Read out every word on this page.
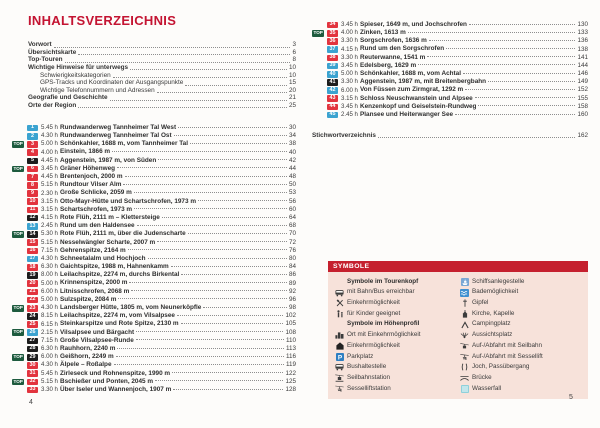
INHALTSVERZEICHNIS
Vorwort	3
Übersichtskarte	6
Top-Touren	8
Wichtige Hinweise für unterwegs	10
Schwierigkeitskategorien	10
GPS-Tracks und Koordinaten der Ausgangspunkte	15
Wichtige Telefonnummern und Adressen	20
Geografie und Geschichte	21
Orte der Region	25
1	5.45 h Rundwanderweg Tannheimer Tal West	30
2	4.30 h Rundwanderweg Tannheimer Tal Ost	34
TOP	3	5.00 h Schönkahler, 1688 m, vom Tannheimer Tal	38
4	4.00 h Einstein, 1866 m	40
5	4.45 h Aggenstein, 1987 m, von Süden	42
TOP	6	3.45 h Gräner Höhenweg	44
7	4.45 h Brentenjoch, 2000 m	48
8	5.15 h Rundtour Vilser Alm	50
9	2.30 h Große Schlicke, 2059 m	53
10 3.15 h Otto-Mayr-Hütte und Schartschrofen, 1973 m	56
11 3.15 h Schartschrofen, 1973 m	60
12 4.15 h Rote Flüh, 2111 m – Klettersteige	64
13 2.45 h Rund um den Haldensee	68
TOP	14 5.30 h Rote Flüh, 2111 m, über die Judenscharte	70
15 5.15 h Nesselwängler Scharte, 2007 m	72
16 7.15 h Gehrenspitze, 2164 m	76
17 4.30 h Schneetalalm und Hochjoch	80
18 6.30 h Gaichtspitze, 1988 m, Hahnenkamm	84
19 8.00 h Leilachspitze, 2274 m, durchs Birkental	86
20 5.00 h Krinnenspitze, 2000 m	89
21 6.00 h Litnisschrofen, 2068 m	92
22 5.00 h Sulzspitze, 2084 m	96
TOP	23 4.30 h Landsberger Hütte, 1805 m, vom Neunerköpfle	98
24 8.15 h Leilachspitze, 2274 m, vom Vilsalpsee	102
25 6.15 h Steinkarspitze und Rote Spitze, 2130 m	105
TOP	26 2.15 h Vilsalpsee und Bärgacht	108
27 7.15 h Große Vilsalpsee-Runde	110
28 6.30 h Rauhhorn, 2240 m	113
TOP	29 6.00 h Geißhorn, 2249 m	116
30 4.30 h Älpele – Roßalpe	119
31 5.45 h Zirleseck und Rohnenspitze, 1990 m	122
TOP	32 5.15 h Bschießer und Ponten, 2045 m	125
33 3.30 h Über Iseler und Wannenjoch, 1907 m	128
34 3.45 h Spieser, 1649 m, und Jochschrofen	130
TOP	35 4.00 h Zinken, 1613 m	133
36 3.30 h Sorgschrofen, 1636 m	136
37 4.15 h Rund um den Sorgschrofen	138
38 3.30 h Reuterwanne, 1541 m	141
39 3.45 h Edelsberg, 1629 m	144
40 5.00 h Schönkahler, 1688 m, vom Achtal	146
41 3.30 h Aggenstein, 1987 m, mit Breitenbergbahn	149
42 6.00 h Von Füssen zum Zirmgrat, 1292 m	152
43 3.15 h Schloss Neuschwanstein und Alpsee	155
44 3.45 h Kenzenkopf und Geiselstein-Rundweg	158
45 2.45 h Plansee und Heiterwanger See	160
Stichwortverzeichnis	162
SYMBOLE
Symbole im Tourenkopf
mit Bahn/Bus erreichbar
Einkehrmöglichkeit
für Kinder geeignet
Symbole im Höhenprofil
Ort mit Einkehrmöglichkeit
Einkehrmöglichkeit
P Parkplatz
Bushaltestelle
Seilbahnstation
Sesselliftstation
Schiffsanlegestelle
Bademöglichkeit
Gipfel
Kirche, Kapelle
Campingplatz
Aussichtsplatz
Auf-/Abfahrt mit Seilbahn
Auf-/Abfahrt mit Sessellift
Joch, Passübergang
Brücke
Wasserfall
4
5
